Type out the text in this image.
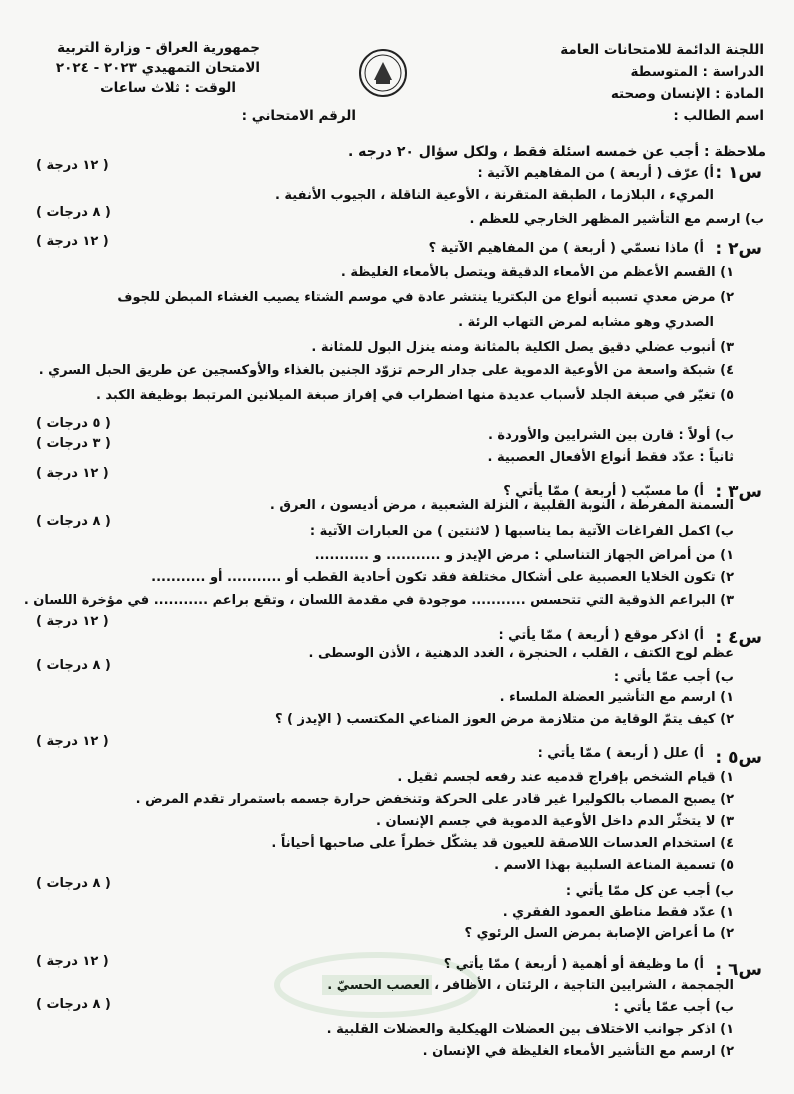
اللجنة الدائمة للامتحانات العامة
الدراسة : المتوسطة
المادة : الإنسان وصحته
اسم الطالب :
جمهورية العراق - وزارة التربية
الامتحان التمهيدي ٢٠٢٣ - ٢٠٢٤
الوقت : ثلاث ساعات
الرقم الامتحاني :
ملاحظة : أجب عن خمسه اسئلة فقط ، ولكل سؤال ٢٠ درجه .
س١ :
أ) عرّف ( أربعة ) من المفاهيم الآتية :
( ١٢ درجة )
المريء ، البلازما ، الطبقة المتقرنة ، الأوعية الناقلة ، الجيوب الأنفية .
( ٨ درجات )	ب) ارسم مع التأشير المظهر الخارجي للعظم .
س٢ :
أ) ماذا نسمّي ( أربعة ) من المفاهيم الآتية ؟
( ١٢ درجة )
١) القسم الأعظم من الأمعاء الدقيقة ويتصل بالأمعاء الغليظة .
٢) مرض معدي تسببه أنواع من البكتريا ينتشر عادة في موسم الشتاء يصيب الغشاء المبطن للجوف
الصدري وهو مشابه لمرض التهاب الرئة .
٣) أنبوب عضلي دقيق يصل الكلية بالمثانة ومنه ينزل البول للمثانة .
٤) شبكة واسعة من الأوعية الدموية على جدار الرحم تزوّد الجنين بالغذاء والأوكسجين عن طريق الحبل السري .
٥) تغيّر في صبغة الجلد لأسباب عديدة منها اضطراب في إفراز صبغة الميلانين المرتبط بوظيفة الكبد .
( ٥ درجات )
ب) أولاً : قارن بين الشرايين والأوردة .
( ٣ درجات )
ثانياً : عدّد فقط أنواع الأفعال العصبية .
( ١٢ درجة )
س٣ :
أ) ما مسبّب ( أربعة ) ممّا يأتي ؟
السمنة المفرطة ، النوبة القلبية ، النزلة الشعبية ، مرض أديسون ، العرق .
( ٨ درجات )
ب) اكمل الفراغات الآتية بما يناسبها ( لاثنتين ) من العبارات الآتية :
١) من أمراض الجهاز التناسلي : مرض الإيدز و ........... و ...........
٢) تكون الخلايا العصبية على أشكال مختلفة فقد تكون أحادية القطب أو ........... أو ...........
٣) البراعم الذوقية التي تتحسس ........... موجودة في مقدمة اللسان ، وتقع براعم ........... في مؤخرة اللسان .
( ١٢ درجة )
س٤ :
أ) اذكر موقع ( أربعة ) ممّا يأتي :
عظم لوح الكتف ، القلب ، الحنجرة ، الغدد الدهنية ، الأذن الوسطى .
( ٨ درجات )
ب) أجب عمّا يأتي :
١) ارسم مع التأشير العضلة الملساء .
٢) كيف يتمّ الوقاية من متلازمة مرض العوز المناعي المكتسب ( الإيدز ) ؟
( ١٢ درجة )
س٥ :
أ) علل ( أربعة ) ممّا يأتي :
١) قيام الشخص بإفراج قدميه عند رفعه لجسم ثقيل .
٢) يصبح المصاب بالكوليرا غير قادر على الحركة وتنخفض حرارة جسمه باستمرار تقدم المرض .
٣) لا يتخثّر الدم داخل الأوعية الدموية في جسم الإنسان .
٤) استخدام العدسات اللاصقة للعيون قد يشكّل خطراً على صاحبها أحياناً .
٥) تسمية المناعة السلبية بهذا الاسم .
( ٨ درجات )
ب) أجب عن كل ممّا يأتي :
١) عدّد فقط مناطق العمود الفقري .
٢) ما أعراض الإصابة بمرض السل الرئوي ؟
( ١٢ درجة )	س٦ :
أ) ما وظيفة أو أهمية ( أربعة ) ممّا يأتي ؟
الجمجمة ، الشرايين التاجية ، الرئتان ، الأظافر ، العصب الحسيّ .
( ٨ درجات )	ب) أجب عمّا يأتي :
١) اذكر جوانب الاختلاف بين العضلات الهيكلية والعضلات القلبية .
٢) ارسم مع التأشير الأمعاء الغليظة في الإنسان .
